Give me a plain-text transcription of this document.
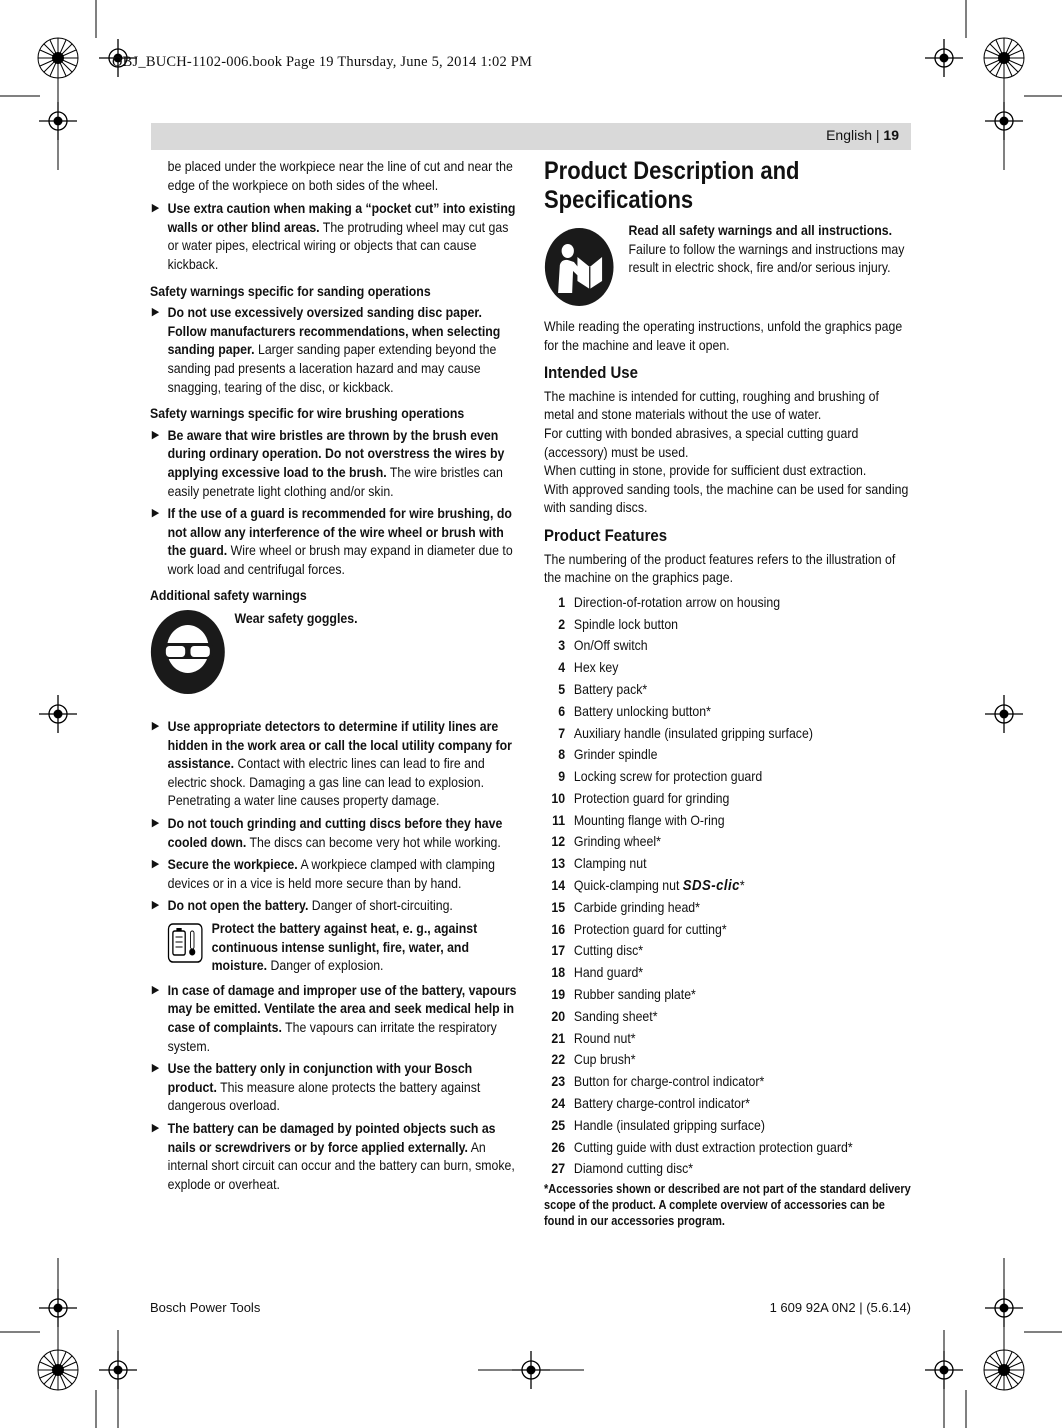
OBJ_BUCH-1102-006.book Page 19 Thursday, June 5, 2014 1:02 PM
English | 19

be placed under the workpiece near the line of cut and near the edge of the workpiece on both sides of the wheel.

▶ Use extra caution when making a “pocket cut” into existing walls or other blind areas. The protruding wheel may cut gas or water pipes, electrical wiring or objects that can cause kickback.
Safety warnings specific for sanding operations
▶ Do not use excessively oversized sanding disc paper. Follow manufacturers recommendations, when selecting sanding paper. Larger sanding paper extending beyond the sanding pad presents a laceration hazard and may cause snagging, tearing of the disc, or kickback.
Safety warnings specific for wire brushing operations
▶ Be aware that wire bristles are thrown by the brush even during ordinary operation. Do not overstress the wires by applying excessive load to the brush. The wire bristles can easily penetrate light clothing and/or skin.
▶ If the use of a guard is recommended for wire brushing, do not allow any interference of the wire wheel or brush with the guard. Wire wheel or brush may expand in diameter due to work load and centrifugal forces.
Additional safety warnings
Wear safety goggles.
▶ Use appropriate detectors to determine if utility lines are hidden in the work area or call the local utility company for assistance. Contact with electric lines can lead to fire and electric shock. Damaging a gas line can lead to explosion. Penetrating a water line causes property damage.
▶ Do not touch grinding and cutting discs before they have cooled down. The discs can become very hot while working.
▶ Secure the workpiece. A workpiece clamped with clamping devices or in a vice is held more secure than by hand.
▶ Do not open the battery. Danger of short-circuiting.
Protect the battery against heat, e. g., against continuous intense sunlight, fire, water, and moisture. Danger of explosion.
▶ In case of damage and improper use of the battery, vapours may be emitted. Ventilate the area and seek medical help in case of complaints. The vapours can irritate the respiratory system.
▶ Use the battery only in conjunction with your Bosch product. This measure alone protects the battery against dangerous overload.
▶ The battery can be damaged by pointed objects such as nails or screwdrivers or by force applied externally. An internal short circuit can occur and the battery can burn, smoke, explode or overheat.
Product Description and Specifications
Read all safety warnings and all instructions. Failure to follow the warnings and instructions may result in electric shock, fire and/or serious injury.

While reading the operating instructions, unfold the graphics page for the machine and leave it open.

Intended Use
The machine is intended for cutting, roughing and brushing of metal and stone materials without the use of water.
For cutting with bonded abrasives, a special cutting guard (accessory) must be used.
When cutting in stone, provide for sufficient dust extraction.
With approved sanding tools, the machine can be used for sanding with sanding discs.
Product Features

The numbering of the product features refers to the illustration of the machine on the graphics page.

1 Direction-of-rotation arrow on housing
2 Spindle lock button
3 On/Off switch
4 Hex key
5 Battery pack*
6 Battery unlocking button*
7 Auxiliary handle (insulated gripping surface)
8 Grinder spindle
9 Locking screw for protection guard
10 Protection guard for grinding
11 Mounting flange with O-ring
12 Grinding wheel*
13 Clamping nut
14 Quick-clamping nut
SDS-clic *
15 Carbide grinding head*
16 Protection guard for cutting*
17 Cutting disc*
18 Hand guard*
19 Rubber sanding plate*
20 Sanding sheet*
21 Round nut*
22 Cup brush*
23 Button for charge-control indicator*
24 Battery charge-control indicator*
25 Handle (insulated gripping surface)
26 Cutting guide with dust extraction protection guard*
27 Diamond cutting disc*
*Accessories shown or described are not part of the standard delivery scope of the product. A complete overview of accessories can be found in our accessories program.
Bosch Power Tools	1 609 92A 0N2 | (5.6.14)
